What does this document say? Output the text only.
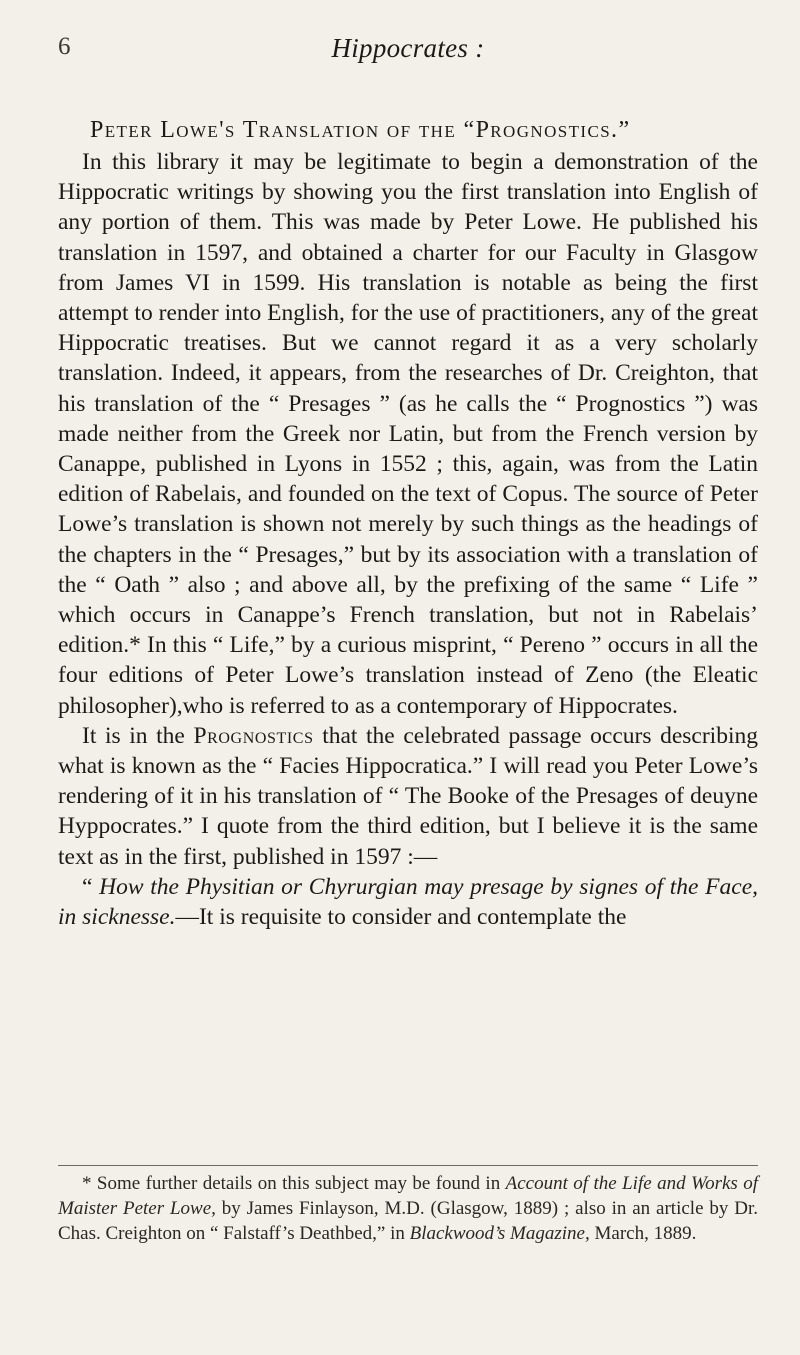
6	Hippocrates :
Peter Lowe's Translation of the “Prognostics.”

In this library it may be legitimate to begin a demonstration of the Hippocratic writings by showing you the first translation into English of any portion of them. This was made by Peter Lowe. He published his translation in 1597, and obtained a charter for our Faculty in Glasgow from James VI in 1599. His translation is notable as being the first attempt to render into English, for the use of practitioners, any of the great Hippocratic treatises. But we cannot regard it as a very scholarly translation. Indeed, it appears, from the researches of Dr. Creighton, that his translation of the “ Presages ” (as he calls the “ Prognostics ”) was made neither from the Greek nor Latin, but from the French version by Canappe, published in Lyons in 1552 ; this, again, was from the Latin edition of Rabelais, and founded on the text of Copus. The source of Peter Lowe’s translation is shown not merely by such things as the headings of the chapters in the “ Presages,” but by its association with a translation of the “ Oath ” also ; and above all, by the prefixing of the same “ Life ” which occurs in Canappe’s French translation, but not in Rabelais’ edition.* In this “ Life,” by a curious misprint, “ Pereno ” occurs in all the four editions of Peter Lowe’s translation instead of Zeno (the Eleatic philosopher),who is referred to as a contemporary of Hippocrates.

It is in the Prognostics that the celebrated passage occurs describing what is known as the “ Facies Hippocratica.” I will read you Peter Lowe’s rendering of it in his translation of “ The Booke of the Presages of deuyne Hyppocrates.” I quote from the third edition, but I believe it is the same text as in the first, published in 1597 :—

“ How the Physitian or Chyrurgian may presage by signes of the Face, in sicknesse.—It is requisite to consider and contemplate the

* Some further details on this subject may be found in Account of the Life and Works of Maister Peter Lowe, by James Finlayson, M.D. (Glasgow, 1889) ; also in an article by Dr. Chas. Creighton on “ Falstaff’s Deathbed,” in Blackwood’s Magazine, March, 1889.
